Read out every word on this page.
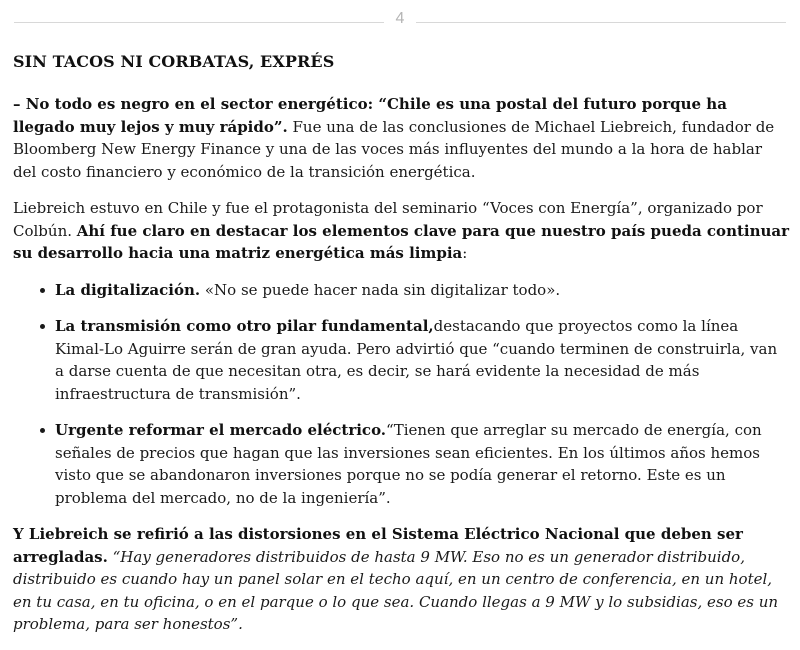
4
SIN TACOS NI CORBATAS, EXPRÉS

– No todo es negro en el sector energético: “Chile es una postal del futuro porque ha llegado muy lejos y muy rápido”. Fue una de las conclusiones de Michael Liebreich, fundador de Bloomberg New Energy Finance y una de las voces más influyentes del mundo a la hora de hablar del costo financiero y económico de la transición energética.

Liebreich estuvo en Chile y fue el protagonista del seminario “Voces con Energía”, organizado por Colbún. Ahí fue claro en destacar los elementos clave para que nuestro país pueda continuar su desarrollo hacia una matriz energética más limpia:

La digitalización. «No se puede hacer nada sin digitalizar todo».
La transmisión como otro pilar fundamental,destacando que proyectos como la línea Kimal-Lo Aguirre serán de gran ayuda. Pero advirtió que “cuando terminen de construirla, van a darse cuenta de que necesitan otra, es decir, se hará evidente la necesidad de más infraestructura de transmisión”.
Urgente reformar el mercado eléctrico.“Tienen que arreglar su mercado de energía, con señales de precios que hagan que las inversiones sean eficientes. En los últimos años hemos visto que se abandonaron inversiones porque no se podía generar el retorno. Este es un problema del mercado, no de la ingeniería”.

Y Liebreich se refirió a las distorsiones en el Sistema Eléctrico Nacional que deben ser arregladas. “Hay generadores distribuidos de hasta 9 MW. Eso no es un generador distribuido, distribuido es cuando hay un panel solar en el techo aquí, en un centro de conferencia, en un hotel, en tu casa, en tu oficina, o en el parque o lo que sea. Cuando llegas a 9 MW y lo subsidias, eso es un problema, para ser honestos”.
